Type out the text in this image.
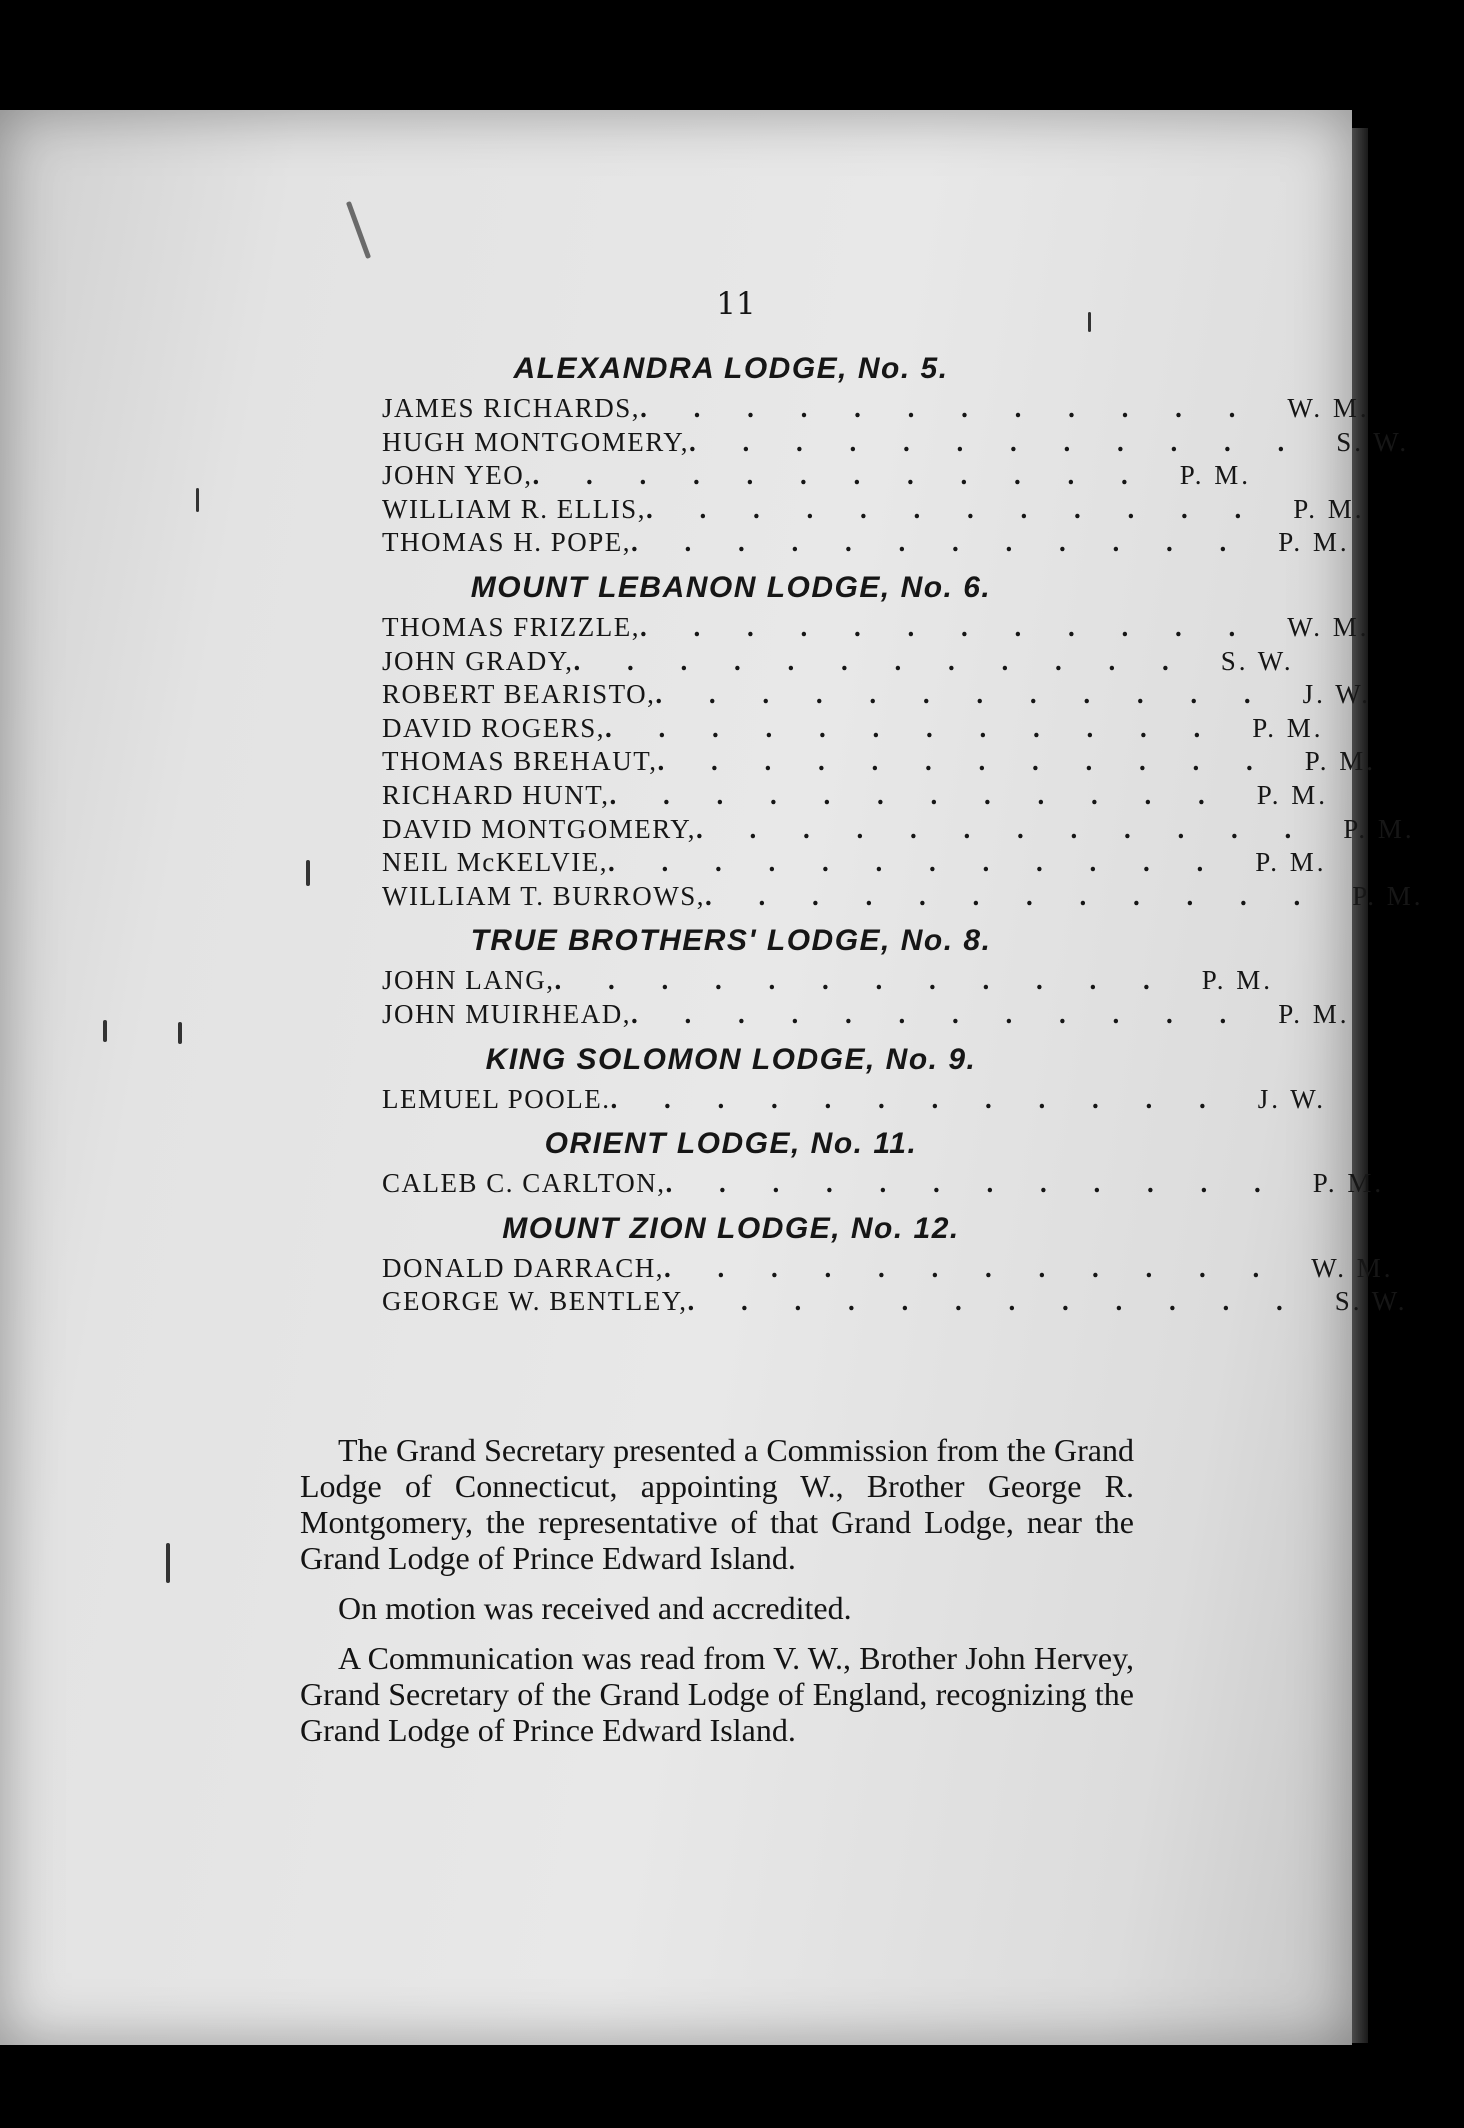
11
ALEXANDRA LODGE, No. 5.
JAMES RICHARDS, . . . . . . . . . . . .	W. M.
HUGH MONTGOMERY, . . . . . . . . . . . .	S. W.
JOHN YEO, . . . . . . . . . . . .	P. M.
WILLIAM R. ELLIS, . . . . . . . . . . . .	P. M.
THOMAS H. POPE, . . . . . . . . . . . .	P. M.
MOUNT LEBANON LODGE, No. 6.
THOMAS FRIZZLE, . . . . . . . . . . . .	W. M.
JOHN GRADY, . . . . . . . . . . . .	S. W.
ROBERT BEARISTO, . . . . . . . . . . . .	J. W.
DAVID ROGERS, . . . . . . . . . . . .	P. M.
THOMAS BREHAUT, . . . . . . . . . . . .	P. M.
RICHARD HUNT, . . . . . . . . . . . .	P. M.
DAVID MONTGOMERY, . . . . . . . . . . . .	P. M.
NEIL McKELVIE, . . . . . . . . . . . .	P. M.
WILLIAM T. BURROWS, . . . . . . . . . . . .	P. M.
TRUE BROTHERS' LODGE, No. 8.
JOHN LANG, . . . . . . . . . . . .	P. M.
JOHN MUIRHEAD, . . . . . . . . . . . .	P. M.
KING SOLOMON LODGE, No. 9.
LEMUEL POOLE. . . . . . . . . . . . .	J. W.
ORIENT LODGE, No. 11.
CALEB C. CARLTON, . . . . . . . . . . . .	P. M.
MOUNT ZION LODGE, No. 12.
DONALD DARRACH, . . . . . . . . . . . .	W. M.
GEORGE W. BENTLEY, . . . . . . . . . . . .	S. W.

The Grand Secretary presented a Commission from the Grand Lodge of Connecticut, appointing W., Brother George R. Montgomery, the representative of that Grand Lodge, near the Grand Lodge of Prince Edward Island.

On motion was received and accredited.

A Communication was read from V. W., Brother John Hervey, Grand Secretary of the Grand Lodge of England, recognizing the Grand Lodge of Prince Edward Island.
